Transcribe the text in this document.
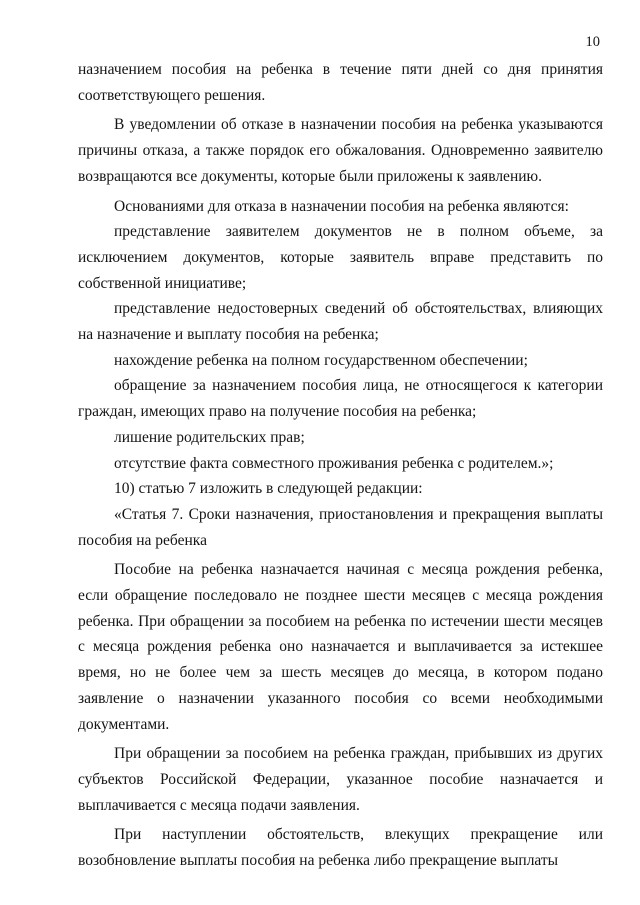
10

назначением пособия на ребенка в течение пяти дней со дня принятия соответствующего решения.

В уведомлении об отказе в назначении пособия на ребенка указываются причины отказа, а также порядок его обжалования. Одновременно заявителю возвращаются все документы, которые были приложены к заявлению.

Основаниями для отказа в назначении пособия на ребенка являются:

представление заявителем документов не в полном объеме, за исключением документов, которые заявитель вправе представить по собственной инициативе;

представление недостоверных сведений об обстоятельствах, влияющих на назначение и выплату пособия на ребенка;

нахождение ребенка на полном государственном обеспечении;

обращение за назначением пособия лица, не относящегося к категории граждан, имеющих право на получение пособия на ребенка;

лишение родительских прав;

отсутствие факта совместного проживания ребенка с родителем.»;

10) статью 7 изложить в следующей редакции:

«Статья 7. Сроки назначения, приостановления и прекращения выплаты пособия на ребенка

Пособие на ребенка назначается начиная с месяца рождения ребенка, если обращение последовало не позднее шести месяцев с месяца рождения ребенка. При обращении за пособием на ребенка по истечении шести месяцев с месяца рождения ребенка оно назначается и выплачивается за истекшее время, но не более чем за шесть месяцев до месяца, в котором подано заявление о назначении указанного пособия со всеми необходимыми документами.

При обращении за пособием на ребенка граждан, прибывших из других субъектов Российской Федерации, указанное пособие назначается и выплачивается с месяца подачи заявления.

При наступлении обстоятельств, влекущих прекращение или возобновление выплаты пособия на ребенка либо прекращение выплаты
